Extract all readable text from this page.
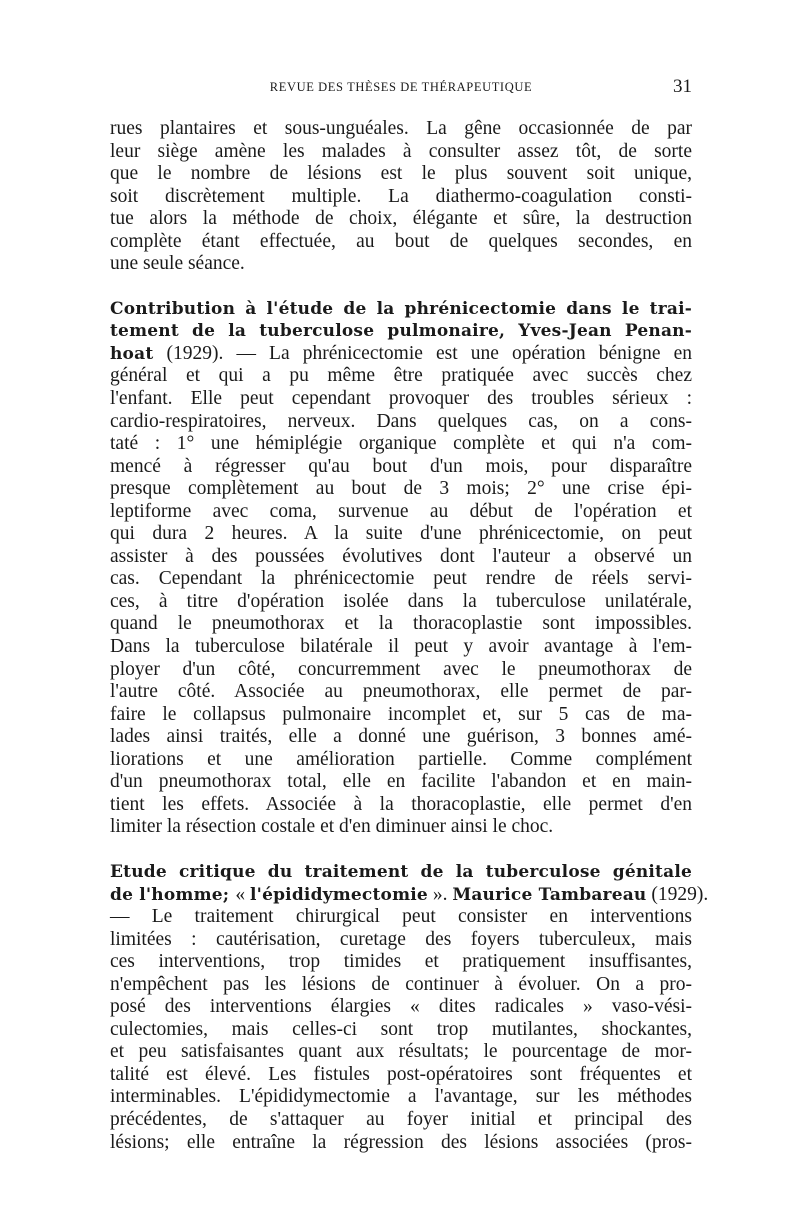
REVUE DES THÈSES DE THÉRAPEUTIQUE	31
rues plantaires et sous-unguéales. La gêne occasionnée de par
leur siège amène les malades à consulter assez tôt, de sorte
que le nombre de lésions est le plus souvent soit unique,
soit discrètement multiple. La diathermo-coagulation consti-
tue alors la méthode de choix, élégante et sûre, la destruction
complète étant effectuée, au bout de quelques secondes, en
une seule séance.
Contribution à l'étude de la phrénicectomie dans le trai-
tement de la tuberculose pulmonaire, Yves-Jean Penan-
hoat (1929). — La phrénicectomie est une opération bénigne en
général et qui a pu même être pratiquée avec succès chez
l'enfant. Elle peut cependant provoquer des troubles sérieux :
cardio-respiratoires, nerveux. Dans quelques cas, on a cons-
taté : 1° une hémiplégie organique complète et qui n'a com-
mencé à régresser qu'au bout d'un mois, pour disparaître
presque complètement au bout de 3 mois; 2° une crise épi-
leptiforme avec coma, survenue au début de l'opération et
qui dura 2 heures. A la suite d'une phrénicectomie, on peut
assister à des poussées évolutives dont l'auteur a observé un
cas. Cependant la phrénicectomie peut rendre de réels servi-
ces, à titre d'opération isolée dans la tuberculose unilatérale,
quand le pneumothorax et la thoracoplastie sont impossibles.
Dans la tuberculose bilatérale il peut y avoir avantage à l'em-
ployer d'un côté, concurremment avec le pneumothorax de
l'autre côté. Associée au pneumothorax, elle permet de par-
faire le collapsus pulmonaire incomplet et, sur 5 cas de ma-
lades ainsi traités, elle a donné une guérison, 3 bonnes amé-
liorations et une amélioration partielle. Comme complément
d'un pneumothorax total, elle en facilite l'abandon et en main-
tient les effets. Associée à la thoracoplastie, elle permet d'en
limiter la résection costale et d'en diminuer ainsi le choc.
Etude critique du traitement de la tuberculose génitale
de l'homme; « l'épididymectomie ». Maurice Tambareau (1929).
— Le traitement chirurgical peut consister en interventions
limitées : cautérisation, curetage des foyers tuberculeux, mais
ces interventions, trop timides et pratiquement insuffisantes,
n'empêchent pas les lésions de continuer à évoluer. On a pro-
posé des interventions élargies « dites radicales » vaso-vési-
culectomies, mais celles-ci sont trop mutilantes, shockantes,
et peu satisfaisantes quant aux résultats; le pourcentage de mor-
talité est élevé. Les fistules post-opératoires sont fréquentes et
interminables. L'épididymectomie a l'avantage, sur les méthodes
précédentes, de s'attaquer au foyer initial et principal des
lésions; elle entraîne la régression des lésions associées (pros-
